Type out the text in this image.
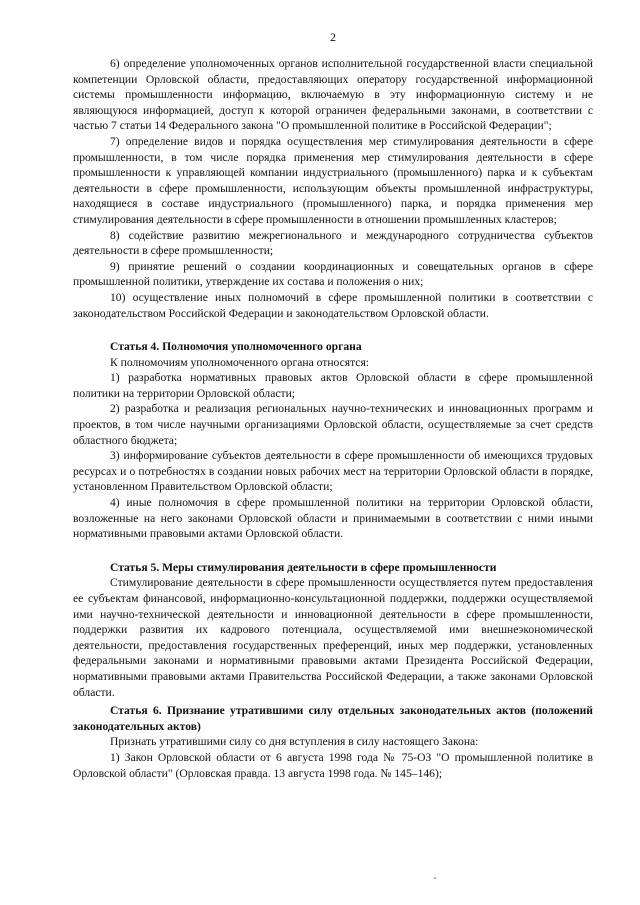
2

6) определение уполномоченных органов исполнительной государственной власти специальной компетенции Орловской области, предоставляющих оператору государственной информационной системы промышленности информацию, включаемую в эту информационную систему и не являющуюся информацией, доступ к которой ограничен федеральными законами, в соответствии с частью 7 статьи 14 Федерального закона "О промышленной политике в Российской Федерации";

7) определение видов и порядка осуществления мер стимулирования деятельности в сфере промышленности, в том числе порядка применения мер стимулирования деятельности в сфере промышленности к управляющей компании индустриального (промышленного) парка и к субъектам деятельности в сфере промышленности, использующим объекты промышленной инфраструктуры, находящиеся в составе индустриального (промышленного) парка, и порядка применения мер стимулирования деятельности в сфере промышленности в отношении промышленных кластеров;

8) содействие развитию межрегионального и международного сотрудничества субъектов деятельности в сфере промышленности;

9) принятие решений о создании координационных и совещательных органов в сфере промышленной политики, утверждение их состава и положения о них;

10) осуществление иных полномочий в сфере промышленной политики в соответствии с законодательством Российской Федерации и законодательством Орловской области.

Статья 4. Полномочия уполномоченного органа

К полномочиям уполномоченного органа относятся:

1) разработка нормативных правовых актов Орловской области в сфере промышленной политики на территории Орловской области;

2) разработка и реализация региональных научно-технических и инновационных программ и проектов, в том числе научными организациями Орловской области, осуществляемые за счет средств областного бюджета;

3) информирование субъектов деятельности в сфере промышленности об имеющихся трудовых ресурсах и о потребностях в создании новых рабочих мест на территории Орловской области в порядке, установленном Правительством Орловской области;

4) иные полномочия в сфере промышленной политики на территории Орловской области, возложенные на него законами Орловской области и принимаемыми в соответствии с ними иными нормативными правовыми актами Орловской области.

Статья 5. Меры стимулирования деятельности в сфере промышленности

Стимулирование деятельности в сфере промышленности осуществляется путем предоставления ее субъектам финансовой, информационно-консультационной поддержки, поддержки осуществляемой ими научно-технической деятельности и инновационной деятельности в сфере промышленности, поддержки развития их кадрового потенциала, осуществляемой ими внешнеэкономической деятельности, предоставления государственных преференций, иных мер поддержки, установленных федеральными законами и нормативными правовыми актами Президента Российской Федерации, нормативными правовыми актами Правительства Российской Федерации, а также законами Орловской области.

Статья 6. Признание утратившими силу отдельных законодательных актов (положений законодательных актов)

Признать утратившими силу со дня вступления в силу настоящего Закона:

1) Закон Орловской области от 6 августа 1998 года № 75-ОЗ "О промышленной политике в Орловской области" (Орловская правда. 13 августа 1998 года. № 145–146);
